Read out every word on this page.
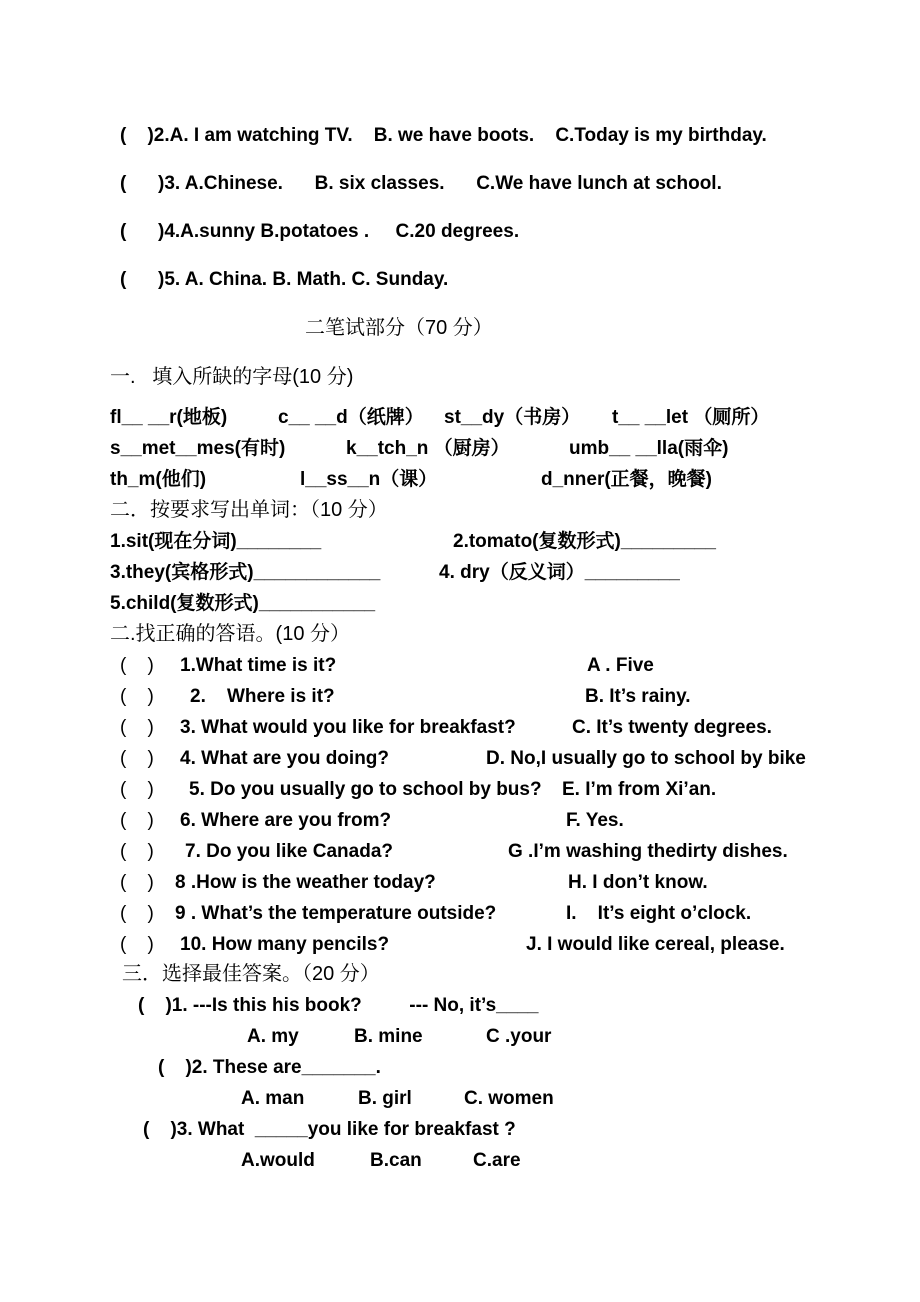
(    )2.A. I am watching TV.    B. we have boots.    C.Today is my birthday.
(      )3. A.Chinese.      B. six classes.      C.We have lunch at school.
(      )4.A.sunny B.potatoes .     C.20 degrees.
(      )5. A. China. B. Math. C. Sunday.
二笔试部分（70 分）
一.   填入所缺的字母(10 分)
fl__ __r(地板)	c__ __d（纸牌） st__dy（书房） t__ __let （厕所）
s__met__mes(有时)	k__tch_n （厨房）	umb__ __lla(雨伞)
th_m(他们)	l__ss__n（课）	d_nner(正餐，晚餐)
二．按要求写出单词：（10 分）
1.sit(现在分词)________	2.tomato(复数形式)_________
3.they(宾格形式)____________	4. dry（反义词）_________
5.child(复数形式)___________
二.找正确的答语。(10 分）
(    ) 1.What time is it?	A . Five
(    ) 2.    Where is it?	B. It’s rainy.
(    ) 3. What would you like for breakfast?	C. It’s twenty degrees.
(    ) 4. What are you doing?	D. No,I usually go to school by bike
(    ) 5. Do you usually go to school by bus? E. I’m from Xi’an.
(    ) 6. Where are you from?	F. Yes.
(    ) 7. Do you like Canada?	G .I’m washing thedirty dishes.
(    ) 8 .How is the weather today?	H. I don’t know.
(    ) 9 . What’s the temperature outside?	I.    It’s eight o’clock.
(    ) 10. How many pencils?	J. I would like cereal, please.
三．选择最佳答案。（20 分）
(    )1. ---Is this his book?         --- No, it’s____
A. my	B. mine	C .your
(    )2. These are_______.
A. man	B. girl	C. women
(    )3. What  _____you like for breakfast ?
A.would	B.can	C.are
